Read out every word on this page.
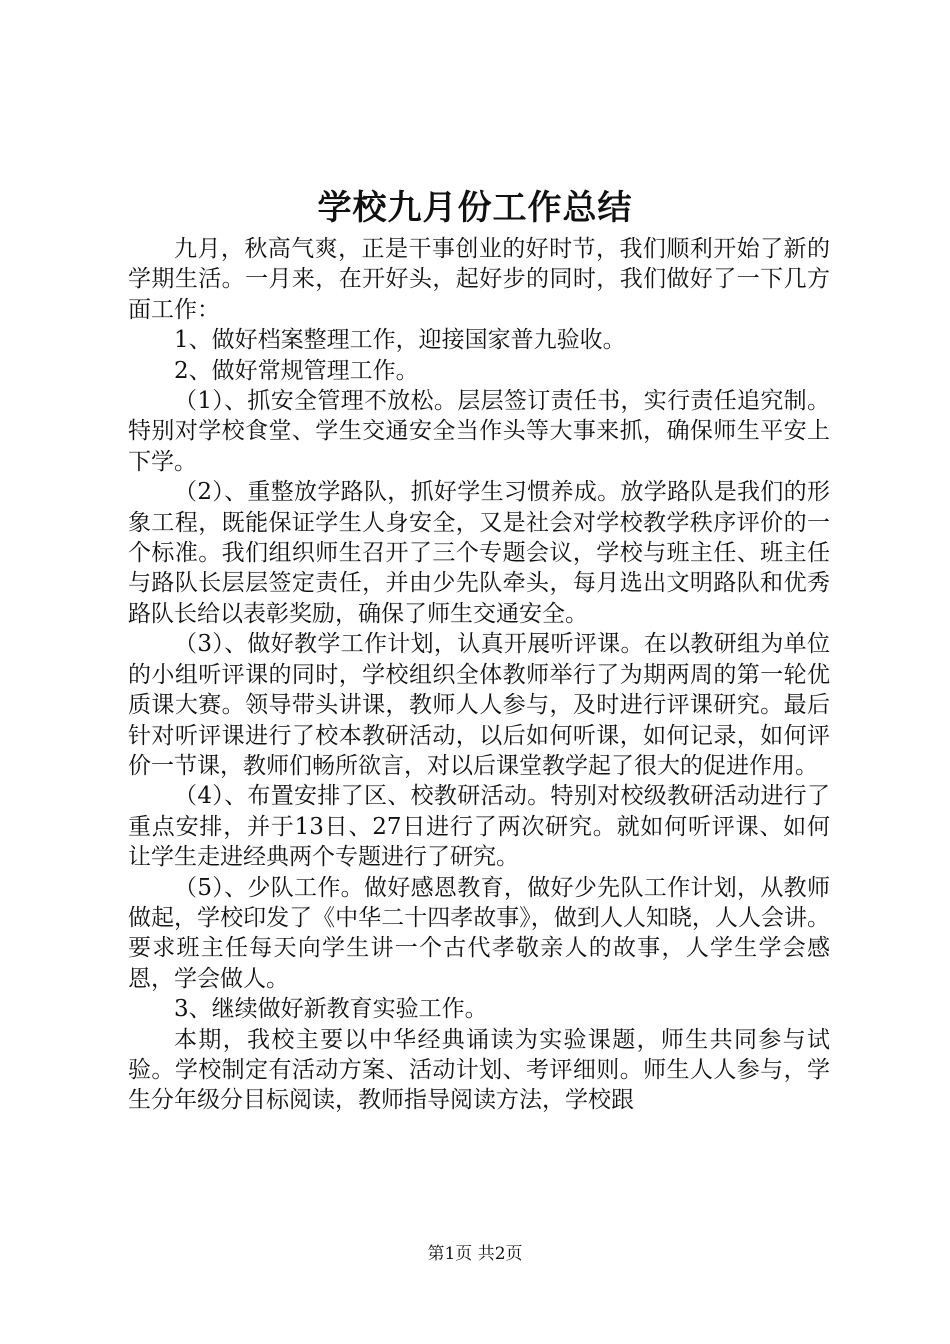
学校九月份工作总结

九月，秋高气爽，正是干事创业的好时节，我们顺利开始了新的学期生活。一月来，在开好头，起好步的同时，我们做好了一下几方面工作：

1、做好档案整理工作，迎接国家普九验收。

2、做好常规管理工作。

（1）、抓安全管理不放松。层层签订责任书，实行责任追究制。特别对学校食堂、学生交通安全当作头等大事来抓，确保师生平安上下学。

（2）、重整放学路队，抓好学生习惯养成。放学路队是我们的形象工程，既能保证学生人身安全，又是社会对学校教学秩序评价的一个标准。我们组织师生召开了三个专题会议，学校与班主任、班主任与路队长层层签定责任，并由少先队牵头，每月选出文明路队和优秀路队长给以表彰奖励，确保了师生交通安全。

（3）、做好教学工作计划，认真开展听评课。在以教研组为单位的小组听评课的同时，学校组织全体教师举行了为期两周的第一轮优质课大赛。领导带头讲课，教师人人参与，及时进行评课研究。最后针对听评课进行了校本教研活动，以后如何听课，如何记录，如何评价一节课，教师们畅所欲言，对以后课堂教学起了很大的促进作用。

（4）、布置安排了区、校教研活动。特别对校级教研活动进行了重点安排，并于13日、27日进行了两次研究。就如何听评课、如何让学生走进经典两个专题进行了研究。

（5）、少队工作。做好感恩教育，做好少先队工作计划，从教师做起，学校印发了《中华二十四孝故事》，做到人人知晓，人人会讲。要求班主任每天向学生讲一个古代孝敬亲人的故事，人学生学会感恩，学会做人。

3、继续做好新教育实验工作。

本期，我校主要以中华经典诵读为实验课题，师生共同参与试验。学校制定有活动方案、活动计划、考评细则。师生人人参与，学生分年级分目标阅读，教师指导阅读方法，学校跟

第1页 共2页
